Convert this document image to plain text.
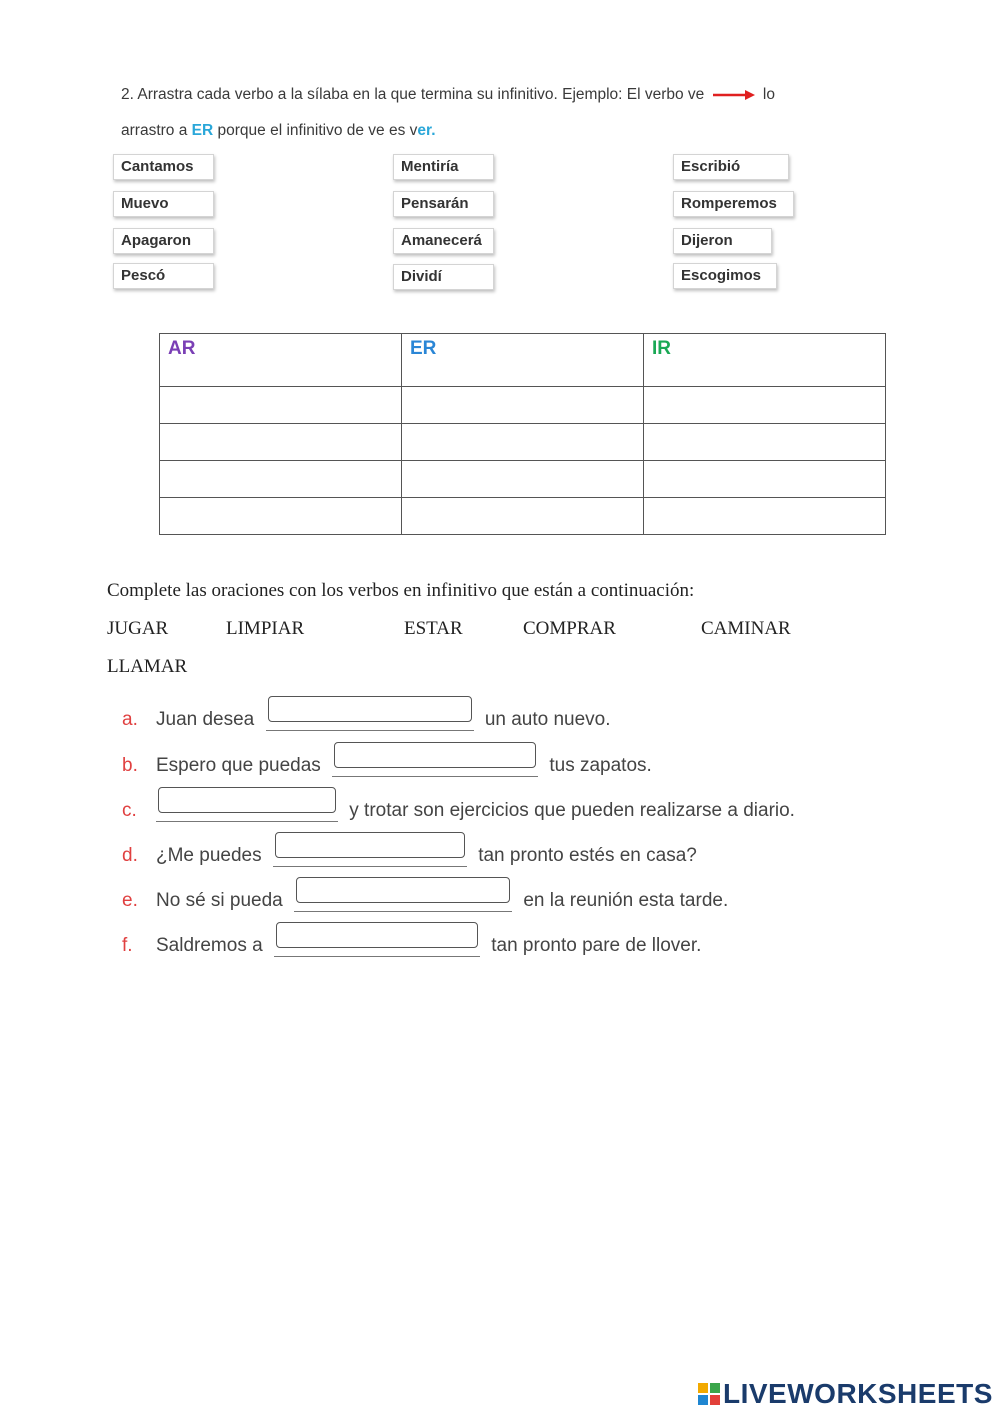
2. Arrastra cada verbo a la sílaba en la que termina su infinitivo. Ejemplo: El verbo ve	lo
arrastro a ER porque el infinitivo de ve es ver.
Cantamos
Muevo
Apagaron
Pescó
Mentiría
Pensarán
Amanecerá
Dividí
Escribió
Romperemos
Dijeron
Escogimos
AR	ER	IR

Complete las oraciones con los verbos en infinitivo que están a continuación:
JUGAR	LIMPIAR	ESTAR	COMPRAR	CAMINAR
LLAMAR
a. Juan desea	un auto nuevo.
b. Espero que puedas	tus zapatos.
c.	y trotar son ejercicios que pueden realizarse a diario.
d. ¿Me puedes	tan pronto estés en casa?
e. No sé si pueda	en la reunión esta tarde.
f. Saldremos a	tan pronto pare de llover.
LIVEWORKSHEETS
